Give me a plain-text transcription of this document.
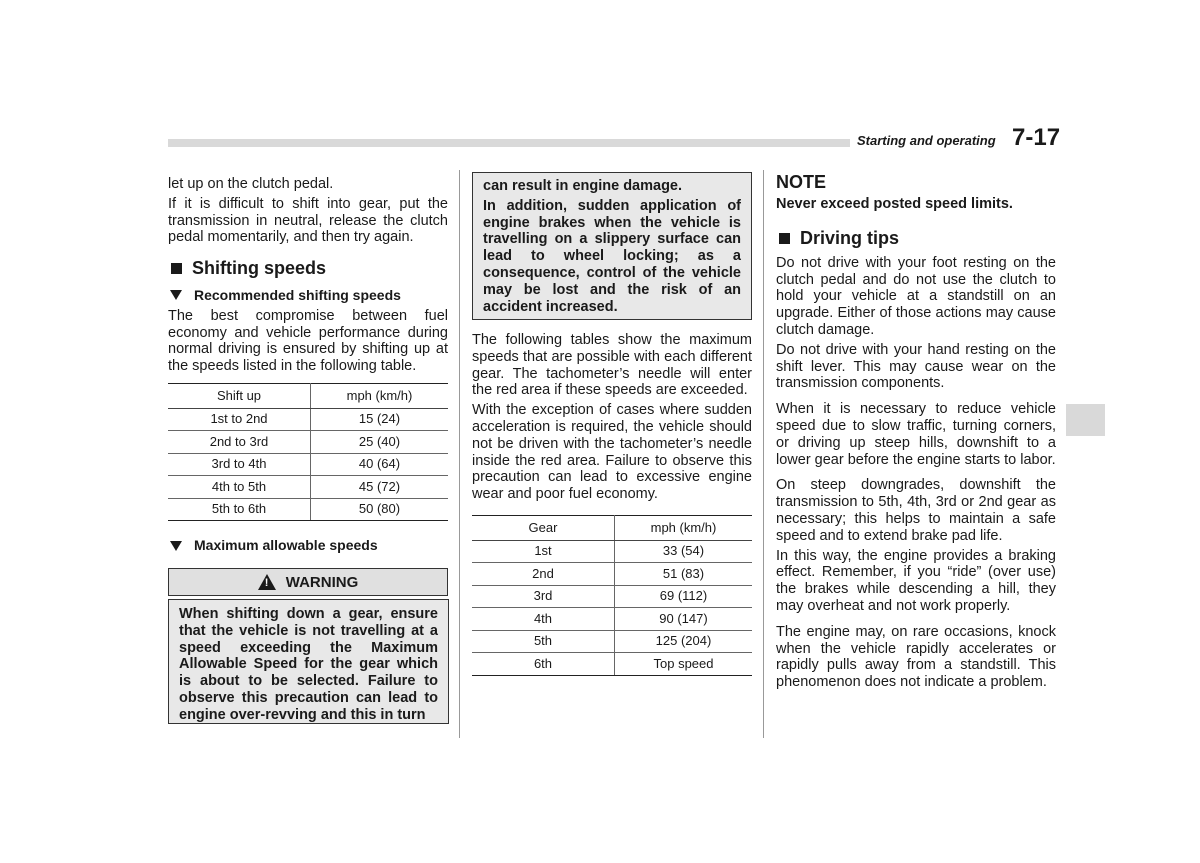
Starting and operating 7-17

let up on the clutch pedal.

If it is difficult to shift into gear, put the transmission in neutral, release the clutch pedal momentarily, and then try again.

Shifting speeds
Recommended shifting speeds

The best compromise between fuel economy and vehicle performance during normal driving is ensured by shifting up at the speeds listed in the following table.

Shift up	mph (km/h)
1st to 2nd	15 (24)
2nd to 3rd	25 (40)
3rd to 4th	40 (64)
4th to 5th	45 (72)
5th to 6th	50 (80)
Maximum allowable speeds
!
WARNING
When shifting down a gear, ensure that the vehicle is not travelling at a speed exceeding the Maximum Allowable Speed for the gear which is about to be selected. Failure to observe this precaution can lead to engine over-revving and this in turn

can result in engine damage.

In addition, sudden application of engine brakes when the vehicle is travelling on a slippery surface can lead to wheel locking; as a consequence, control of the vehicle may be lost and the risk of an accident increased.

The following tables show the maximum speeds that are possible with each different gear. The tachometer’s needle will enter the red area if these speeds are exceeded.

With the exception of cases where sudden acceleration is required, the vehicle should not be driven with the tachometer’s needle inside the red area. Failure to observe this precaution can lead to excessive engine wear and poor fuel economy.

Gear	mph (km/h)
1st	33 (54)
2nd	51 (83)
3rd	69 (112)
4th	90 (147)
5th	125 (204)
6th	Top speed
NOTE
Never exceed posted speed limits.
Driving tips

Do not drive with your foot resting on the clutch pedal and do not use the clutch to hold your vehicle at a standstill on an upgrade. Either of those actions may cause clutch damage.

Do not drive with your hand resting on the shift lever. This may cause wear on the transmission components.

When it is necessary to reduce vehicle speed due to slow traffic, turning corners, or driving up steep hills, downshift to a lower gear before the engine starts to labor.

On steep downgrades, downshift the transmission to 5th, 4th, 3rd or 2nd gear as necessary; this helps to maintain a safe speed and to extend brake pad life.

In this way, the engine provides a braking effect. Remember, if you “ride” (over use) the brakes while descending a hill, they may overheat and not work properly.

The engine may, on rare occasions, knock when the vehicle rapidly accelerates or rapidly pulls away from a standstill. This phenomenon does not indicate a problem.
